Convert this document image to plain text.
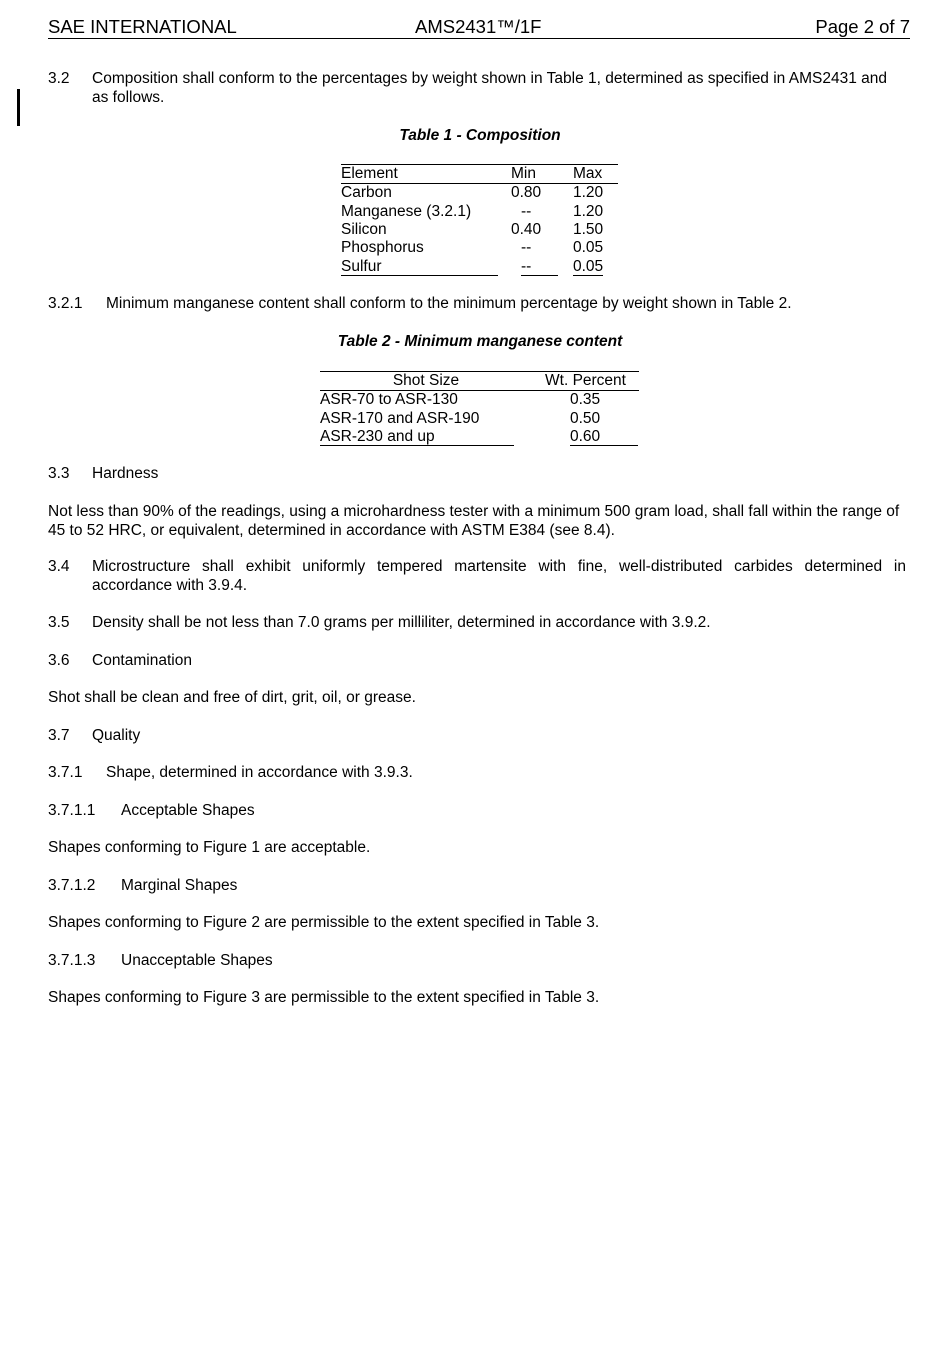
SAE INTERNATIONAL	AMS2431™/1F	Page 2 of 7
3.2	Composition shall conform to the percentages by weight shown in Table 1, determined as specified in AMS2431 and as follows.
Table 1 - Composition
Element	Min	Max
Carbon	0.80	1.20
Manganese (3.2.1)	--	1.20
Silicon	0.40	1.50
Phosphorus	--	0.05
Sulfur	--	0.05
3.2.1	Minimum manganese content shall conform to the minimum percentage by weight shown in Table 2.
Table 2 - Minimum manganese content
Shot Size	Wt. Percent
ASR-70 to ASR-130	0.35
ASR-170 and ASR-190	0.50
ASR-230 and up	0.60
3.3	Hardness
Not less than 90% of the readings, using a microhardness tester with a minimum 500 gram load, shall fall within the range of 45 to 52 HRC, or equivalent, determined in accordance with ASTM E384 (see 8.4).
3.4	Microstructure shall exhibit uniformly tempered martensite with fine, well-distributed carbides determined in accordance with 3.9.4.
3.5	Density shall be not less than 7.0 grams per milliliter, determined in accordance with 3.9.2.
3.6	Contamination
Shot shall be clean and free of dirt, grit, oil, or grease.
3.7	Quality
3.7.1	Shape, determined in accordance with 3.9.3.
3.7.1.1	Acceptable Shapes
Shapes conforming to Figure 1 are acceptable.
3.7.1.2	Marginal Shapes
Shapes conforming to Figure 2 are permissible to the extent specified in Table 3.
3.7.1.3	Unacceptable Shapes
Shapes conforming to Figure 3 are permissible to the extent specified in Table 3.
